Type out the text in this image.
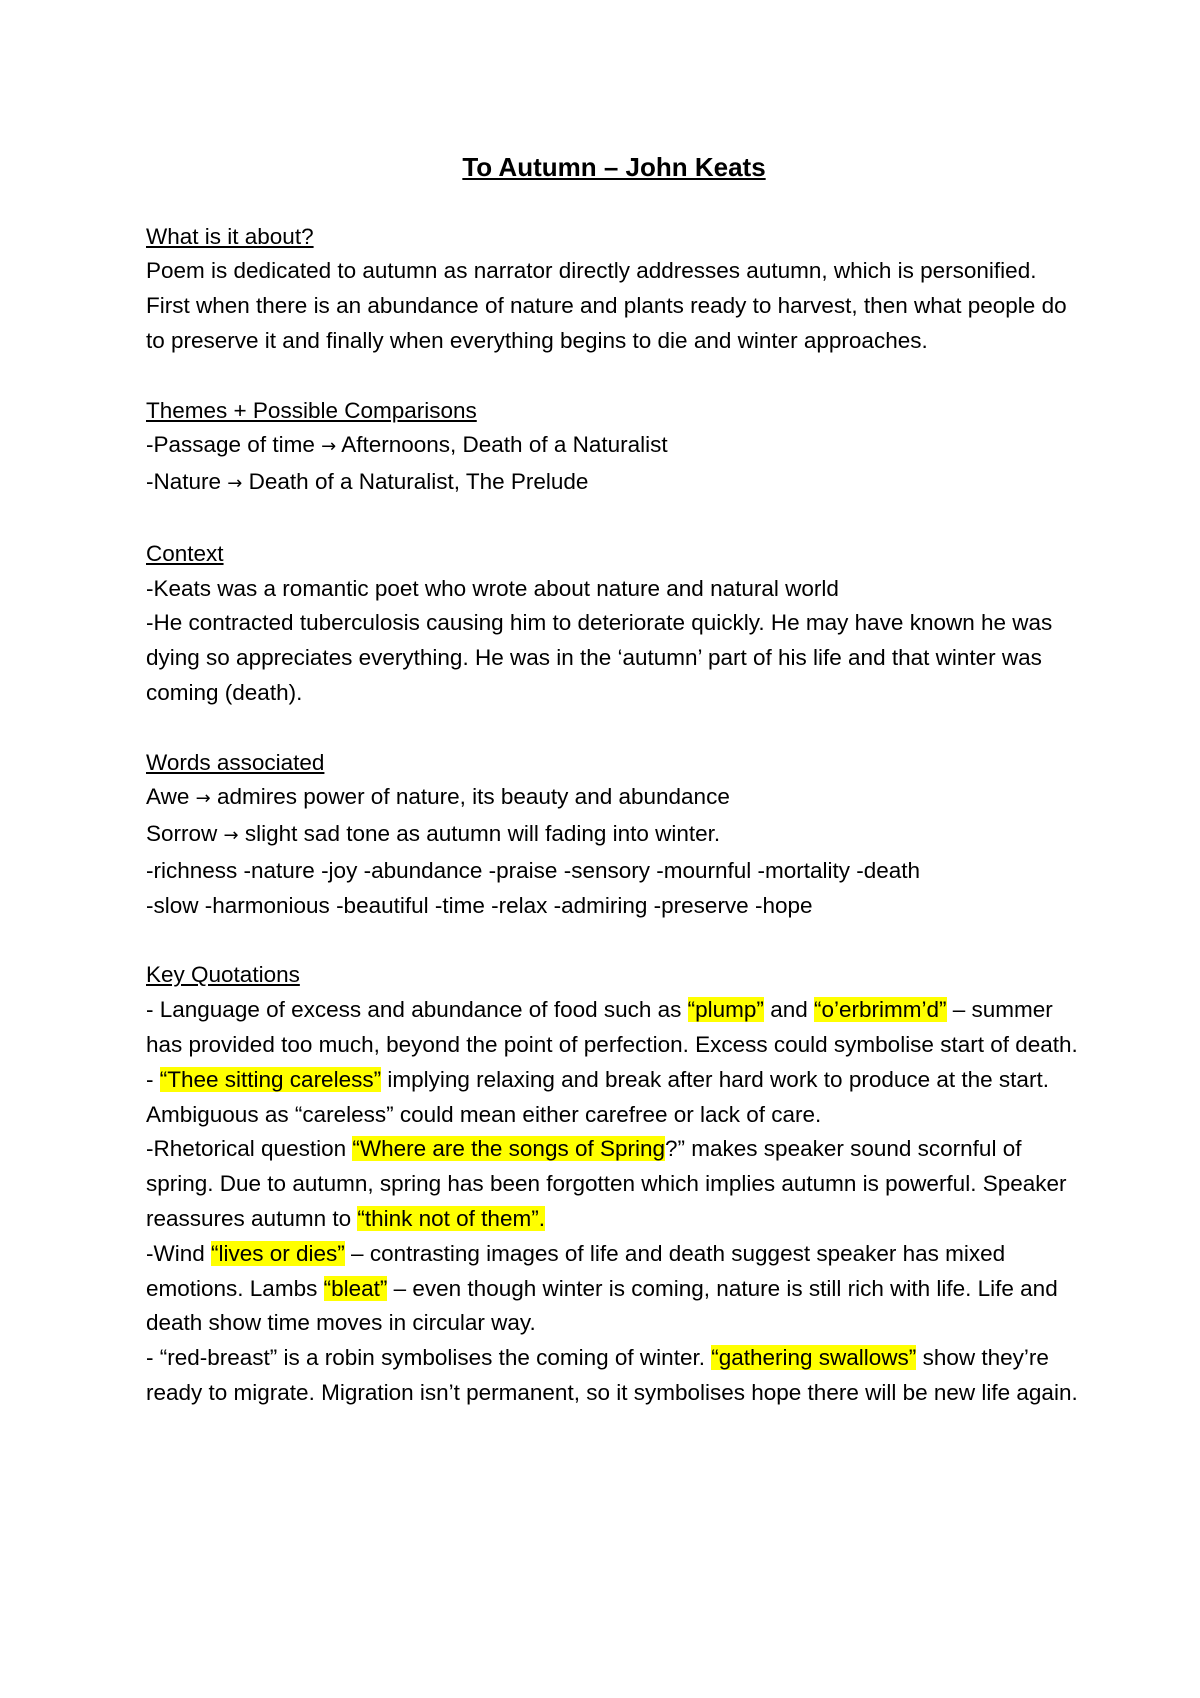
To Autumn – John Keats
What is it about?
Poem is dedicated to autumn as narrator directly addresses autumn, which is personified. First when there is an abundance of nature and plants ready to harvest, then what people do to preserve it and finally when everything begins to die and winter approaches.
Themes + Possible Comparisons
-Passage of time → Afternoons, Death of a Naturalist
-Nature → Death of a Naturalist, The Prelude
Context
-Keats was a romantic poet who wrote about nature and natural world
-He contracted tuberculosis causing him to deteriorate quickly. He may have known he was dying so appreciates everything. He was in the ‘autumn’ part of his life and that winter was coming (death).
Words associated
Awe → admires power of nature, its beauty and abundance
Sorrow → slight sad tone as autumn will fading into winter.
-richness -nature -joy -abundance -praise -sensory -mournful -mortality -death
-slow -harmonious -beautiful -time -relax -admiring -preserve -hope
Key Quotations
- Language of excess and abundance of food such as “plump” and “o’erbrimm’d” – summer has provided too much, beyond the point of perfection. Excess could symbolise start of death.
- “Thee sitting careless” implying relaxing and break after hard work to produce at the start. Ambiguous as “careless” could mean either carefree or lack of care.
-Rhetorical question “Where are the songs of Spring?” makes speaker sound scornful of spring. Due to autumn, spring has been forgotten which implies autumn is powerful. Speaker reassures autumn to “think not of them”.
-Wind “lives or dies” – contrasting images of life and death suggest speaker has mixed emotions. Lambs “bleat” – even though winter is coming, nature is still rich with life. Life and death show time moves in circular way.
- “red-breast” is a robin symbolises the coming of winter. “gathering swallows” show they’re ready to migrate. Migration isn’t permanent, so it symbolises hope there will be new life again.
